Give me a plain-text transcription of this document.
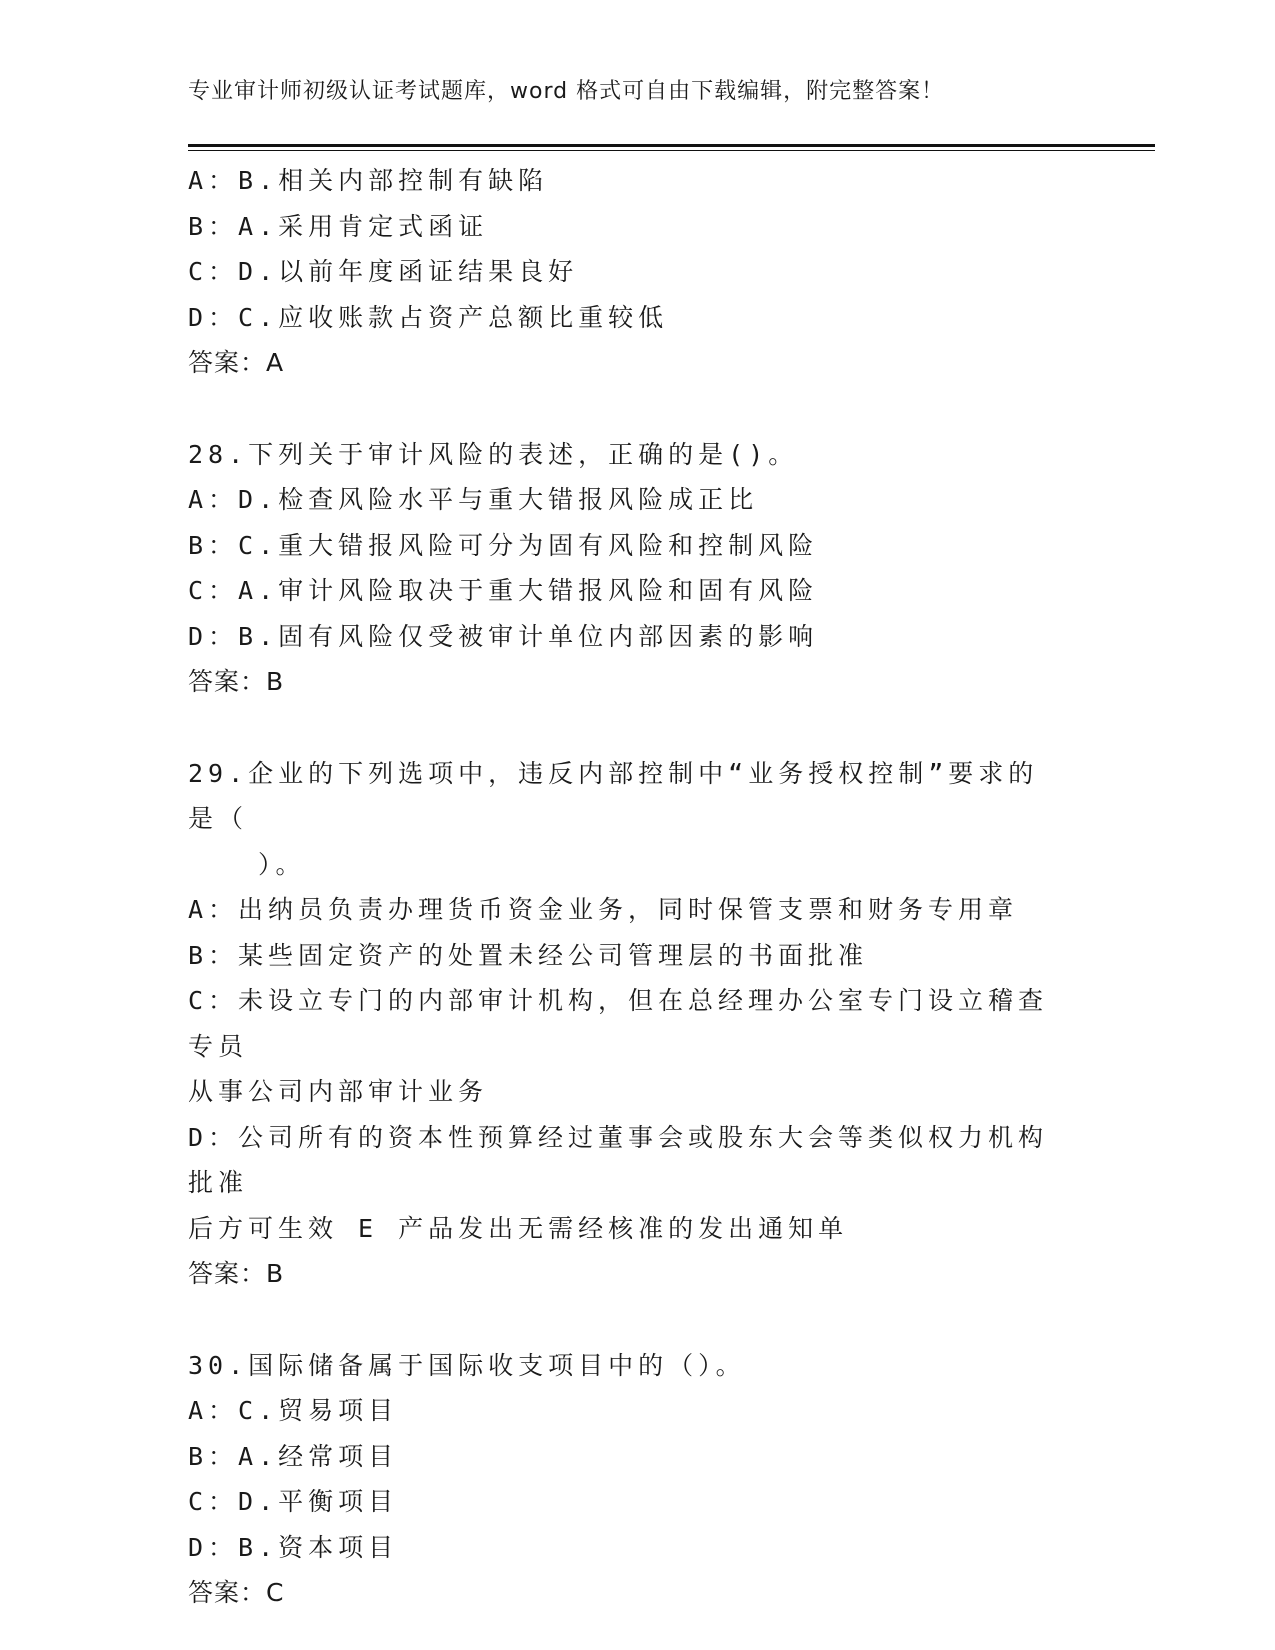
专业审计师初级认证考试题库，word 格式可自由下载编辑，附完整答案！
A：B.相关内部控制有缺陷
B：A.采用肯定式函证
C：D.以前年度函证结果良好
D：C.应收账款占资产总额比重较低
答案：A
28.下列关于审计风险的表述，正确的是()。
A：D.检查风险水平与重大错报风险成正比
B：C.重大错报风险可分为固有风险和控制风险
C：A.审计风险取决于重大错报风险和固有风险
D：B.固有风险仅受被审计单位内部因素的影响
答案：B
29.企业的下列选项中，违反内部控制中“业务授权控制”要求的是（
）。
A：出纳员负责办理货币资金业务，同时保管支票和财务专用章
B：某些固定资产的处置未经公司管理层的书面批准
C：未设立专门的内部审计机构，但在总经理办公室专门设立稽查专员
从事公司内部审计业务
D：公司所有的资本性预算经过董事会或股东大会等类似权力机构批准
后方可生效 E 产品发出无需经核准的发出通知单
答案：B
30.国际储备属于国际收支项目中的（）。
A：C.贸易项目
B：A.经常项目
C：D.平衡项目
D：B.资本项目
答案：C
